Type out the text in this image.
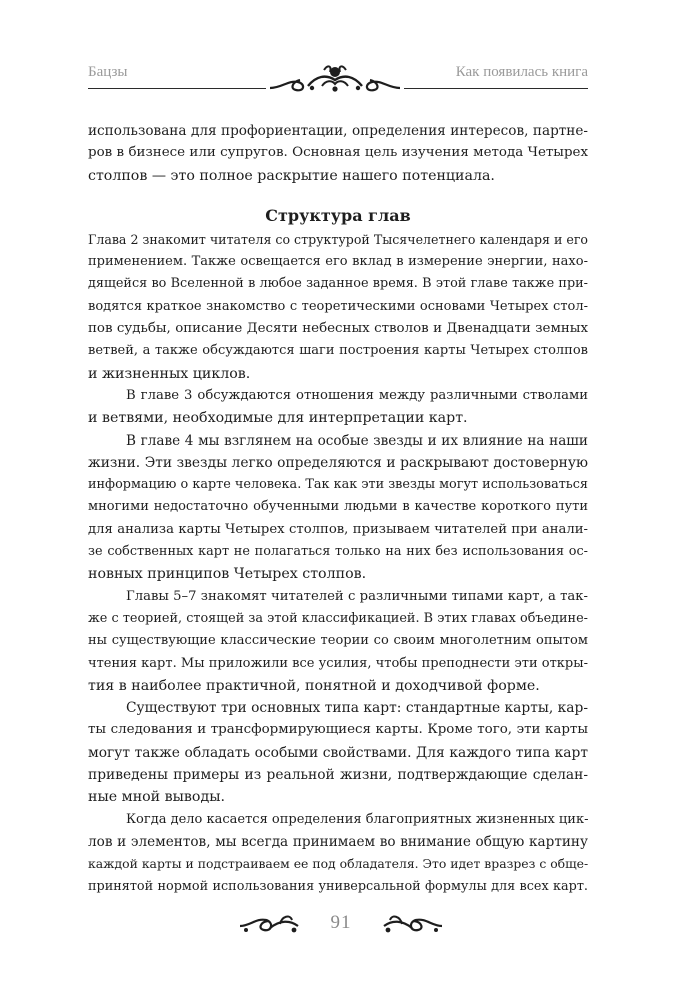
Бацзы	Как появилась книга
использована для профориентации, определения интересов, партне-
ров в бизнесе или супругов. Основная цель изучения метода Четырех
столпов — это полное раскрытие нашего потенциала.
Структура глав
Глава 2 знакомит читателя со структурой Тысячелетнего календаря и его
применением. Также освещается его вклад в измерение энергии, нахо-
дящейся во Вселенной в любое заданное время. В этой главе также при-
водятся краткое знакомство с теоретическими основами Четырех стол-
пов судьбы, описание Десяти небесных стволов и Двенадцати земных
ветвей, а также обсуждаются шаги построения карты Четырех столпов
и жизненных циклов.
В главе 3 обсуждаются отношения между различными стволами
и ветвями, необходимые для интерпретации карт.
В главе 4 мы взглянем на особые звезды и их влияние на наши
жизни. Эти звезды легко определяются и раскрывают достоверную
информацию о карте человека. Так как эти звезды могут использоваться
многими недостаточно обученными людьми в качестве короткого пути
для анализа карты Четырех столпов, призываем читателей при анали-
зе собственных карт не полагаться только на них без использования ос-
новных принципов Четырех столпов.
Главы 5–7 знакомят читателей с различными типами карт, а так-
же с теорией, стоящей за этой классификацией. В этих главах объедине-
ны существующие классические теории со своим многолетним опытом
чтения карт. Мы приложили все усилия, чтобы преподнести эти откры-
тия в наиболее практичной, понятной и доходчивой форме.
Существуют три основных типа карт: стандартные карты, кар-
ты следования и трансформирующиеся карты. Кроме того, эти карты
могут также обладать особыми свойствами. Для каждого типа карт
приведены примеры из реальной жизни, подтверждающие сделан-
ные мной выводы.
Когда дело касается определения благоприятных жизненных цик-
лов и элементов, мы всегда принимаем во внимание общую картину
каждой карты и подстраиваем ее под обладателя. Это идет вразрез с обще-
принятой нормой использования универсальной формулы для всех карт.
91
